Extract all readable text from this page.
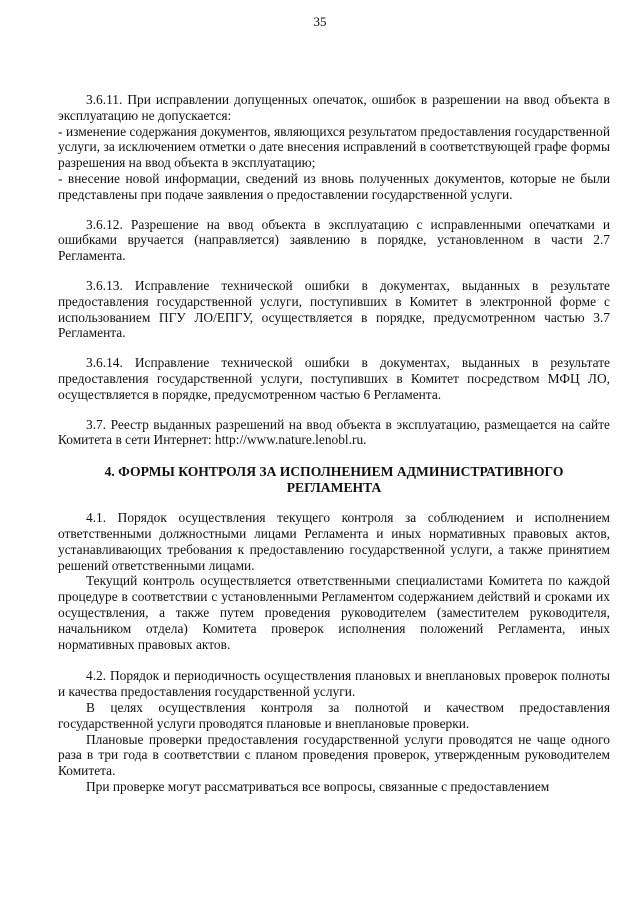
35

3.6.11. При исправлении допущенных опечаток, ошибок в разрешении на ввод объекта в эксплуатацию не допускается:

- изменение содержания документов, являющихся результатом предоставления государственной услуги, за исключением отметки о дате внесения исправлений в соответствующей графе формы разрешения на ввод объекта в эксплуатацию;

- внесение новой информации, сведений из вновь полученных документов, которые не были представлены при подаче заявления о предоставлении государственной услуги.

3.6.12. Разрешение на ввод объекта в эксплуатацию с исправленными опечатками и ошибками вручается (направляется) заявлению в порядке, установленном в части 2.7 Регламента.

3.6.13. Исправление технической ошибки в документах, выданных в результате предоставления государственной услуги, поступивших в Комитет в электронной форме с использованием ПГУ ЛО/ЕПГУ, осуществляется в порядке, предусмотренном частью 3.7 Регламента.

3.6.14. Исправление технической ошибки в документах, выданных в результате предоставления государственной услуги, поступивших в Комитет посредством МФЦ ЛО, осуществляется в порядке, предусмотренном частью 6 Регламента.

3.7. Реестр выданных разрешений на ввод объекта в эксплуатацию, размещается на сайте Комитета в сети Интернет: http://www.nature.lenobl.ru.

4. ФОРМЫ КОНТРОЛЯ ЗА ИСПОЛНЕНИЕМ АДМИНИСТРАТИВНОГО РЕГЛАМЕНТА

4.1. Порядок осуществления текущего контроля за соблюдением и исполнением ответственными должностными лицами Регламента и иных нормативных правовых актов, устанавливающих требования к предоставлению государственной услуги, а также принятием решений ответственными лицами.

Текущий контроль осуществляется ответственными специалистами Комитета по каждой процедуре в соответствии с установленными Регламентом содержанием действий и сроками их осуществления, а также путем проведения руководителем (заместителем руководителя, начальником отдела) Комитета проверок исполнения положений Регламента, иных нормативных правовых актов.

4.2. Порядок и периодичность осуществления плановых и внеплановых проверок полноты и качества предоставления государственной услуги.

В целях осуществления контроля за полнотой и качеством предоставления государственной услуги проводятся плановые и внеплановые проверки.

Плановые проверки предоставления государственной услуги проводятся не чаще одного раза в три года в соответствии с планом проведения проверок, утвержденным руководителем Комитета.

При проверке могут рассматриваться все вопросы, связанные с предоставлением
